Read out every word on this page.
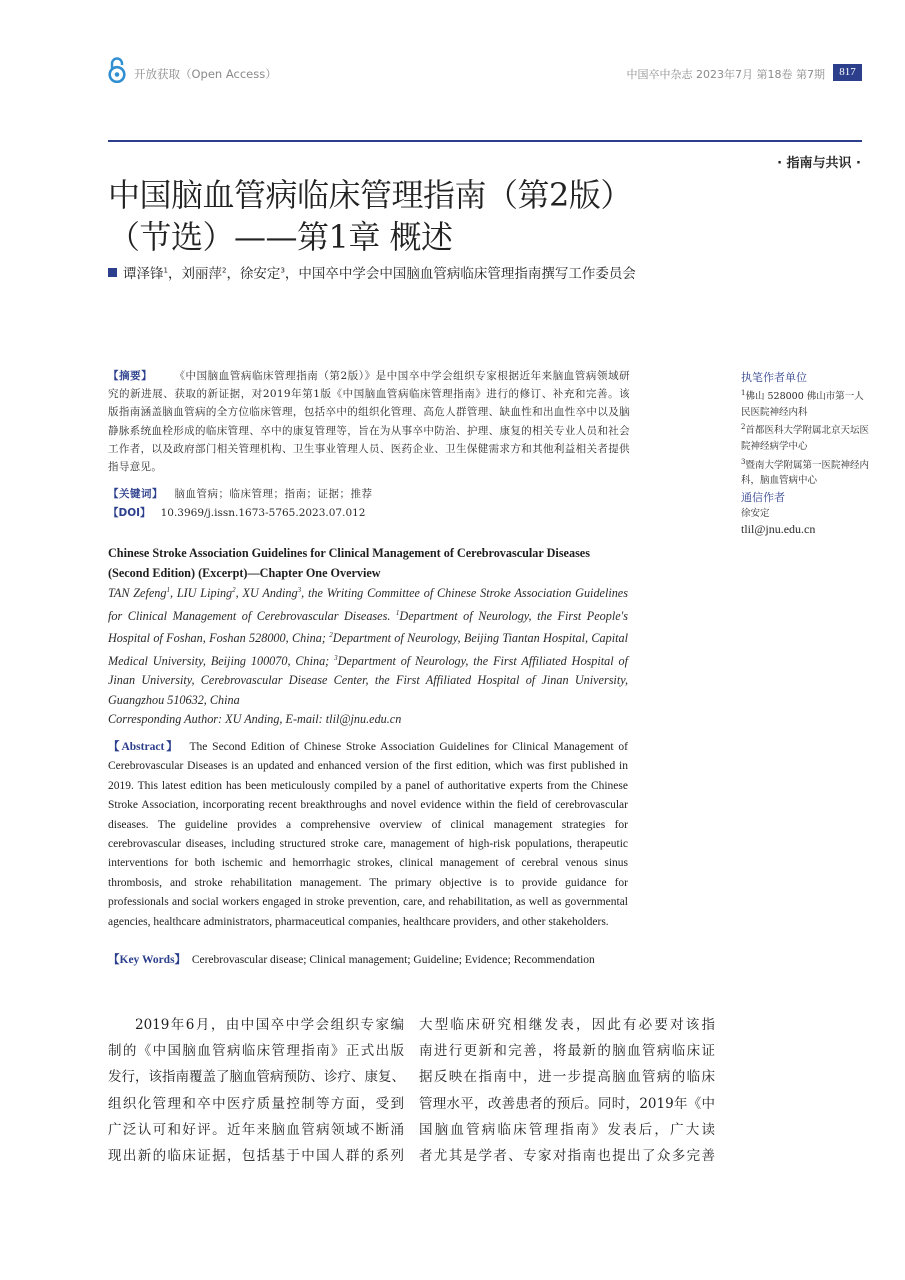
开放获取（Open Access）	中国卒中杂志 2023年7月 第18卷 第7期	817
· 指南与共识 ·
中国脑血管病临床管理指南（第2版）
（节选）——第1章 概述
谭泽锋$^1$，刘丽萍$^2$，徐安定$^3$，中国卒中学会中国脑血管病临床管理指南撰写工作委员会
【摘要】 《中国脑血管病临床管理指南（第2版）》是中国卒中学会组织专家根据近年来脑血管病领域研究的新进展、获取的新证据，对2019年第1版《中国脑血管病临床管理指南》进行的修订、补充和完善。该版指南涵盖脑血管病的全方位临床管理，包括卒中的组织化管理、高危人群管理、缺血性和出血性卒中以及脑静脉系统血栓形成的临床管理、卒中的康复管理等，旨在为从事卒中防治、护理、康复的相关专业人员和社会工作者，以及政府部门相关管理机构、卫生事业管理人员、医药企业、卫生保健需求方和其他利益相关者提供指导意见。
【关键词】 脑血管病；临床管理；指南；证据；推荐
【DOI】 10.3969/j.issn.1673-5765.2023.07.012
执笔作者单位
$^1$佛山 528000 佛山市第一人民医院神经内科
$^2$首都医科大学附属北京天坛医院神经病学中心
$^3$暨南大学附属第一医院神经内科，脑血管病中心
通信作者
徐安定
tlil@jnu.edu.cn
Chinese Stroke Association Guidelines for Clinical Management of Cerebrovascular Diseases (Second Edition) (Excerpt)—Chapter One Overview
TAN Zefeng$^1$, LIU Liping$^2$, XU Anding$^3$, the Writing Committee of Chinese Stroke Association Guidelines for Clinical Management of Cerebrovascular Diseases. $^1$Department of Neurology, the First People's Hospital of Foshan, Foshan 528000, China; $^2$Department of Neurology, Beijing Tiantan Hospital, Capital Medical University, Beijing 100070, China; $^3$Department of Neurology, the First Affiliated Hospital of Jinan University, Cerebrovascular Disease Center, the First Affiliated Hospital of Jinan University, Guangzhou 510632, China
Corresponding Author: XU Anding, E-mail: tlil@jnu.edu.cn
【Abstract】 The Second Edition of Chinese Stroke Association Guidelines for Clinical Management of Cerebrovascular Diseases is an updated and enhanced version of the first edition, which was first published in 2019. This latest edition has been meticulously compiled by a panel of authoritative experts from the Chinese Stroke Association, incorporating recent breakthroughs and novel evidence within the field of cerebrovascular diseases. The guideline provides a comprehensive overview of clinical management strategies for cerebrovascular diseases, including structured stroke care, management of high-risk populations, therapeutic interventions for both ischemic and hemorrhagic strokes, clinical management of cerebral venous sinus thrombosis, and stroke rehabilitation management. The primary objective is to provide guidance for professionals and social workers engaged in stroke prevention, care, and rehabilitation, as well as governmental agencies, healthcare administrators, pharmaceutical companies, healthcare providers, and other stakeholders.
【Key Words】 Cerebrovascular disease; Clinical management; Guideline; Evidence; Recommendation
2019年6月，由中国卒中学会组织专家编
制的《中国脑血管病临床管理指南》正式出版
发行，该指南覆盖了脑血管病预防、诊疗、康复、
组织化管理和卒中医疗质量控制等方面，受到
广泛认可和好评。近年来脑血管病领域不断涌
现出新的临床证据，包括基于中国人群的系列
大型临床研究相继发表，因此有必要对该指
南进行更新和完善，将最新的脑血管病临床证
据反映在指南中，进一步提高脑血管病的临床
管理水平，改善患者的预后。同时，2019年《中
国脑血管病临床管理指南》发表后，广大读
者尤其是学者、专家对指南也提出了众多完善
